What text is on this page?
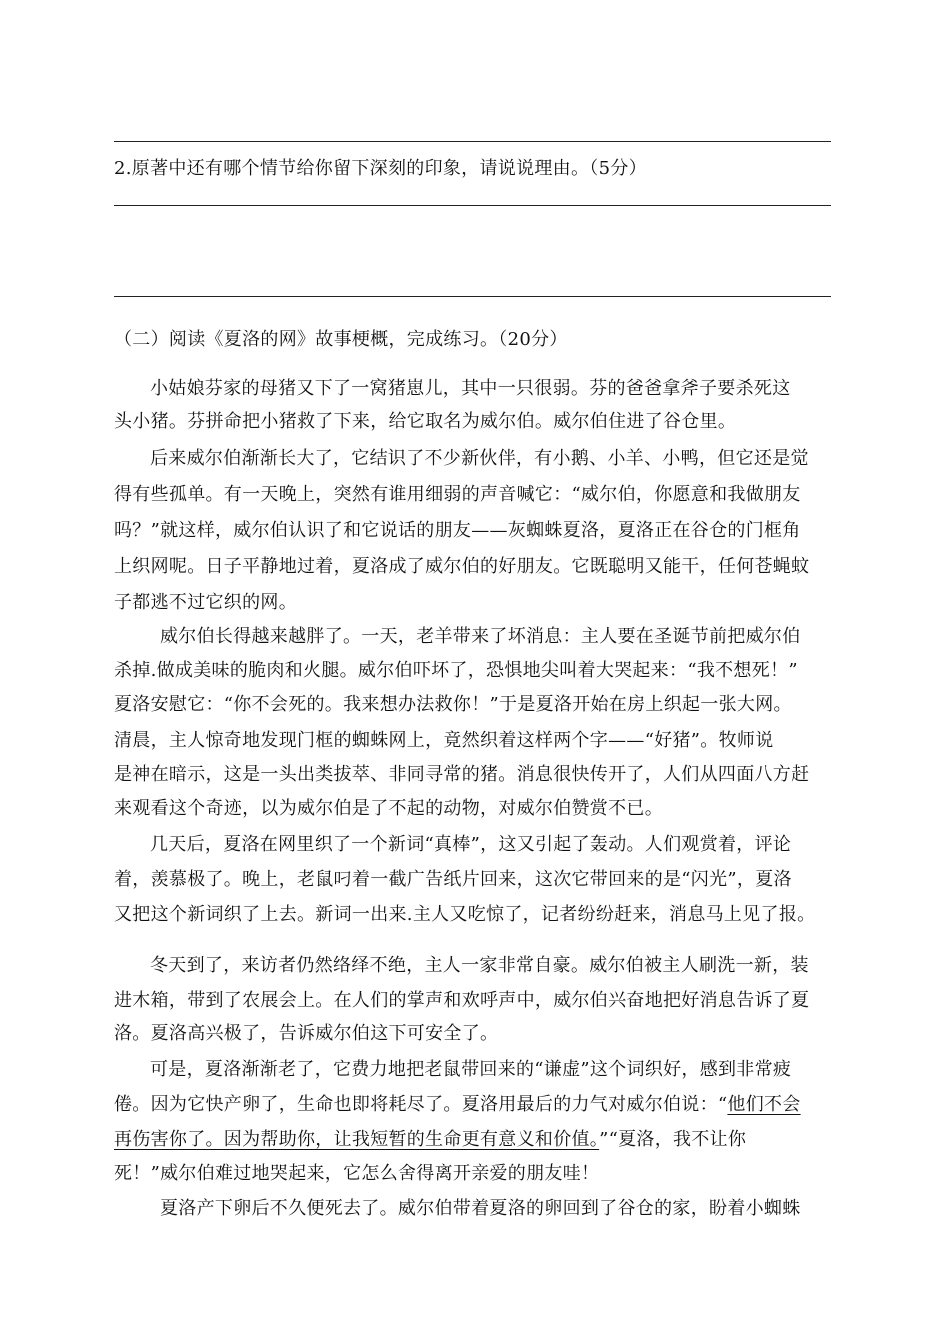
2.原著中还有哪个情节给你留下深刻的印象，请说说理由。（5分）
（二）阅读《夏洛的网》故事梗概，完成练习。（20分）
小姑娘芬家的母猪又下了一窝猪崽儿，其中一只很弱。芬的爸爸拿斧子要杀死这
头小猪。芬拼命把小猪救了下来，给它取名为威尔伯。威尔伯住进了谷仓里。
后来威尔伯渐渐长大了，它结识了不少新伙伴，有小鹅、小羊、小鸭，但它还是觉
得有些孤单。有一天晚上，突然有谁用细弱的声音喊它：“威尔伯，你愿意和我做朋友
吗？”就这样，威尔伯认识了和它说话的朋友——灰蜘蛛夏洛，夏洛正在谷仓的门框角
上织网呢。日子平静地过着，夏洛成了威尔伯的好朋友。它既聪明又能干，任何苍蝇蚊
子都逃不过它织的网。
威尔伯长得越来越胖了。一天，老羊带来了坏消息：主人要在圣诞节前把威尔伯
杀掉.做成美味的脆肉和火腿。威尔伯吓坏了，恐惧地尖叫着大哭起来：“我不想死！”
夏洛安慰它：“你不会死的。我来想办法救你！”于是夏洛开始在房上织起一张大网。
清晨，主人惊奇地发现门框的蜘蛛网上，竟然织着这样两个字——“好猪”。牧师说
是神在暗示，这是一头出类拔萃、非同寻常的猪。消息很快传开了，人们从四面八方赶
来观看这个奇迹，以为威尔伯是了不起的动物，对威尔伯赞赏不已。
几天后，夏洛在网里织了一个新词“真棒”，这又引起了轰动。人们观赏着，评论
着，羡慕极了。晚上，老鼠叼着一截广告纸片回来，这次它带回来的是“闪光”，夏洛
又把这个新词织了上去。新词一出来.主人又吃惊了，记者纷纷赶来，消息马上见了报。
冬天到了，来访者仍然络绎不绝，主人一家非常自豪。威尔伯被主人刷洗一新，装
进木箱，带到了农展会上。在人们的掌声和欢呼声中，威尔伯兴奋地把好消息告诉了夏
洛。夏洛高兴极了，告诉威尔伯这下可安全了。
可是，夏洛渐渐老了，它费力地把老鼠带回来的“谦虚”这个词织好，感到非常疲
倦。因为它快产卵了，生命也即将耗尽了。夏洛用最后的力气对威尔伯说：“他们不会
再伤害你了。因为帮助你，让我短暂的生命更有意义和价值。”“夏洛，我不让你
死！”威尔伯难过地哭起来，它怎么舍得离开亲爱的朋友哇！
夏洛产下卵后不久便死去了。威尔伯带着夏洛的卵回到了谷仓的家，盼着小蜘蛛
